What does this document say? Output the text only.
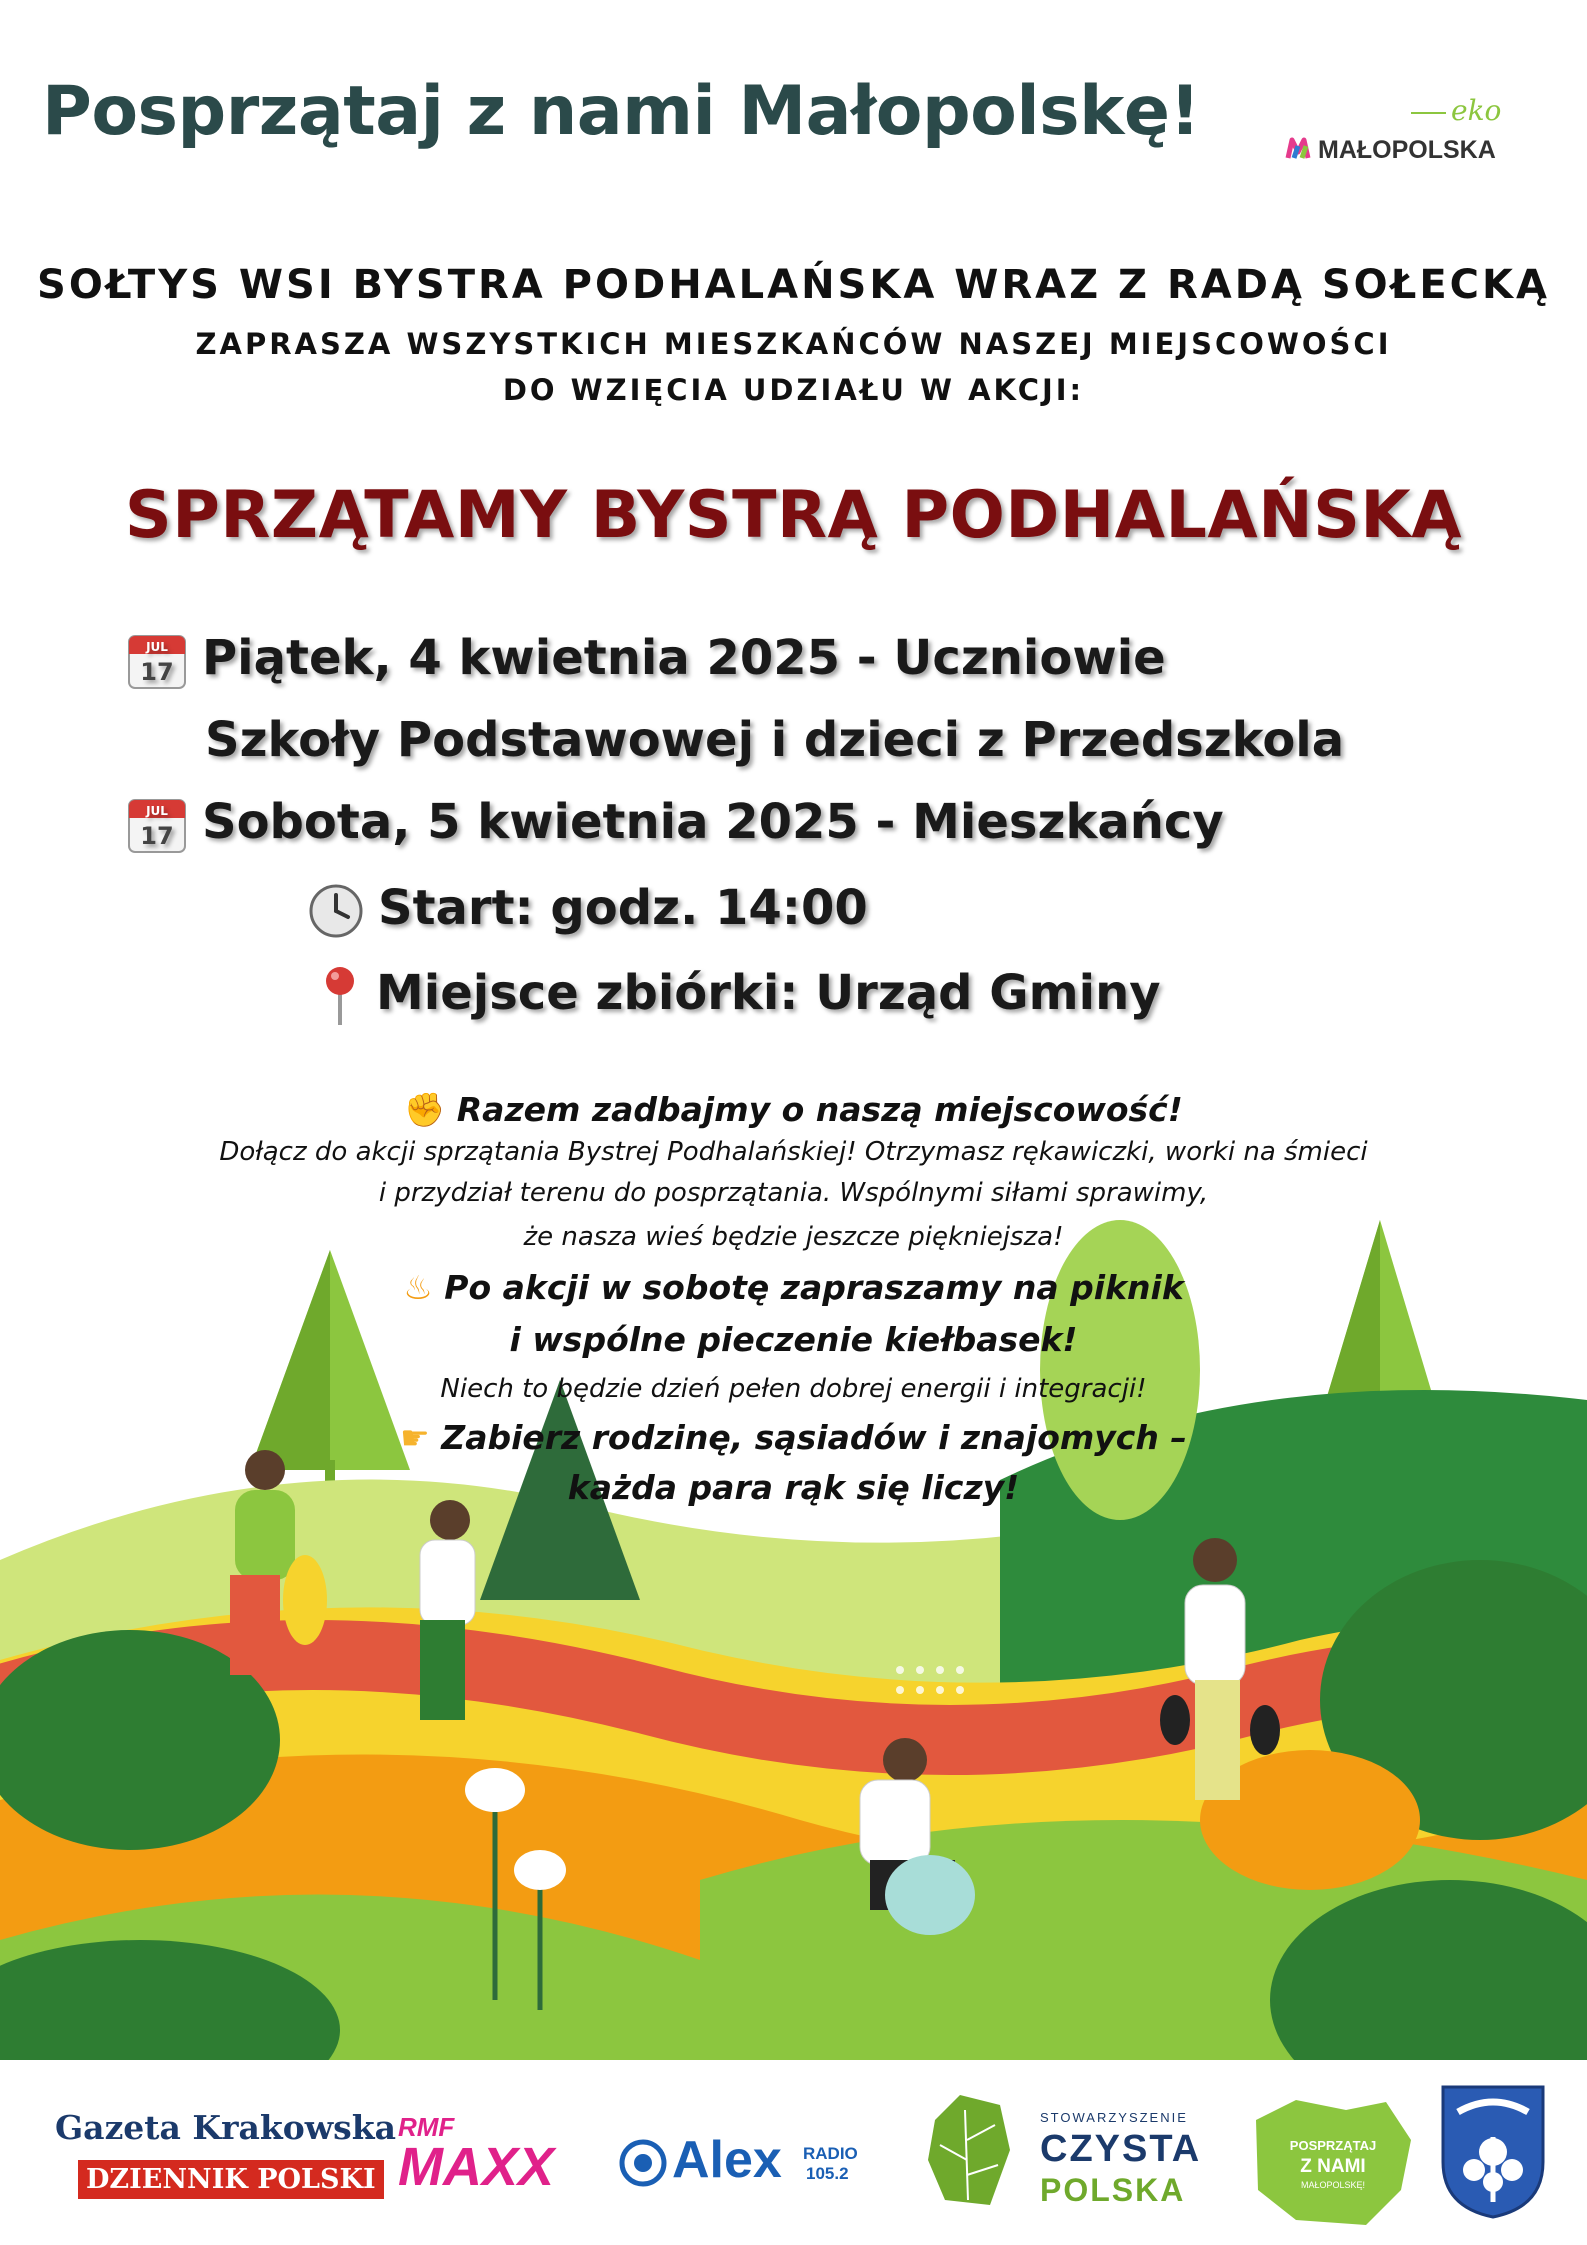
Posprzątaj z nami Małopolskę!	eko
MAŁOPOLSKA
SOŁTYS WSI BYSTRA PODHALAŃSKA WRAZ Z RADĄ SOŁECKĄ
ZAPRASZA WSZYSTKICH MIESZKAŃCÓW NASZEJ MIEJSCOWOŚCI
DO WZIĘCIA UDZIAŁU W AKCJI:
SPRZĄTAMY BYSTRĄ PODHALAŃSKĄ
JUL
17 Piątek, 4 kwietnia 2025 - Uczniowie
Szkoły Podstawowej i dzieci z Przedszkola
JUL
17 Sobota, 5 kwietnia 2025 - Mieszkańcy
Start: godz. 14:00
Miejsce zbiórki: Urząd Gminy
✊ Razem zadbajmy o naszą miejscowość!
Dołącz do akcji sprzątania Bystrej Podhalańskiej! Otrzymasz rękawiczki, worki na śmieci
i przydział terenu do posprzątania. Wspólnymi siłami sprawimy,
że nasza wieś będzie jeszcze piękniejsza!
♨ Po akcji w sobotę zapraszamy na piknik
i wspólne pieczenie kiełbasek!
Niech to będzie dzień pełen dobrej energii i integracji!
☛ Zabierz rodzinę, sąsiadów i znajomych –
każda para rąk się liczy!
Gazeta Krakowska
DZIENNIK POLSKI
RMF
MAXX Alex RADIO
105.2
STOWARZYSZENIE
CZYSTA
POLSKA
POSPRZĄTAJ
Z NAMI
MAŁOPOLSKĘ!
